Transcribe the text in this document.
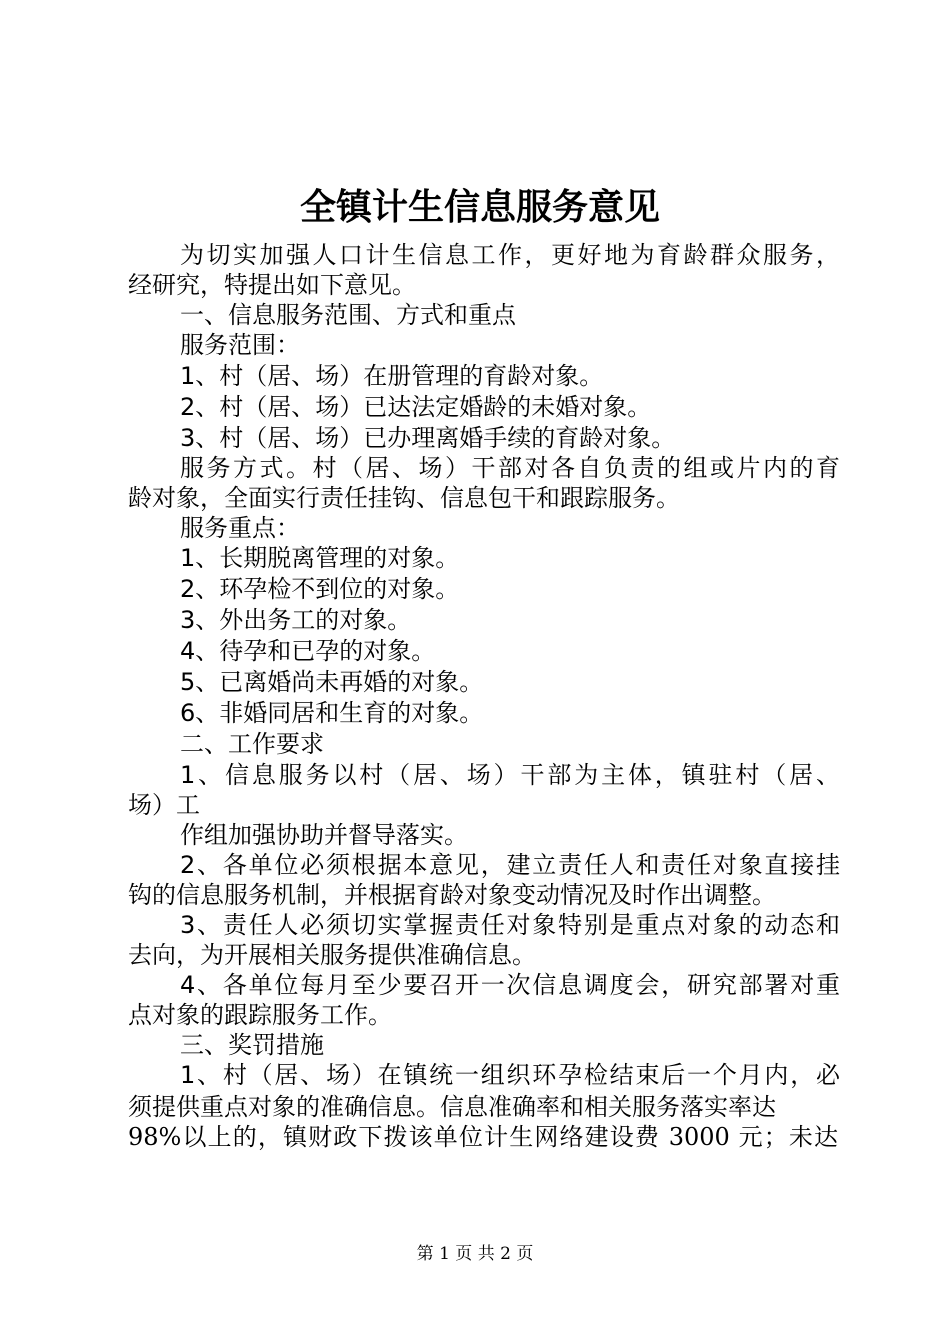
全镇计生信息服务意见
为切实加强人口计生信息工作，更好地为育龄群众服务，
经研究，特提出如下意见。
一、信息服务范围、方式和重点
服务范围：
1、村（居、场）在册管理的育龄对象。
2、村（居、场）已达法定婚龄的未婚对象。
3、村（居、场）已办理离婚手续的育龄对象。
服务方式。村（居、场）干部对各自负责的组或片内的育
龄对象，全面实行责任挂钩、信息包干和跟踪服务。
服务重点：
1、长期脱离管理的对象。
2、环孕检不到位的对象。
3、外出务工的对象。
4、待孕和已孕的对象。
5、已离婚尚未再婚的对象。
6、非婚同居和生育的对象。
二、工作要求
1、信息服务以村（居、场）干部为主体，镇驻村（居、
场）工
作组加强协助并督导落实。
2、各单位必须根据本意见，建立责任人和责任对象直接挂
钩的信息服务机制，并根据育龄对象变动情况及时作出调整。
3、责任人必须切实掌握责任对象特别是重点对象的动态和
去向，为开展相关服务提供准确信息。
4、各单位每月至少要召开一次信息调度会，研究部署对重
点对象的跟踪服务工作。
三、奖罚措施
1、村（居、场）在镇统一组织环孕检结束后一个月内，必
须提供重点对象的准确信息。信息准确率和相关服务落实率达
98%以上的，镇财政下拨该单位计生网络建设费 3000 元；未达
第 1 页 共 2 页
